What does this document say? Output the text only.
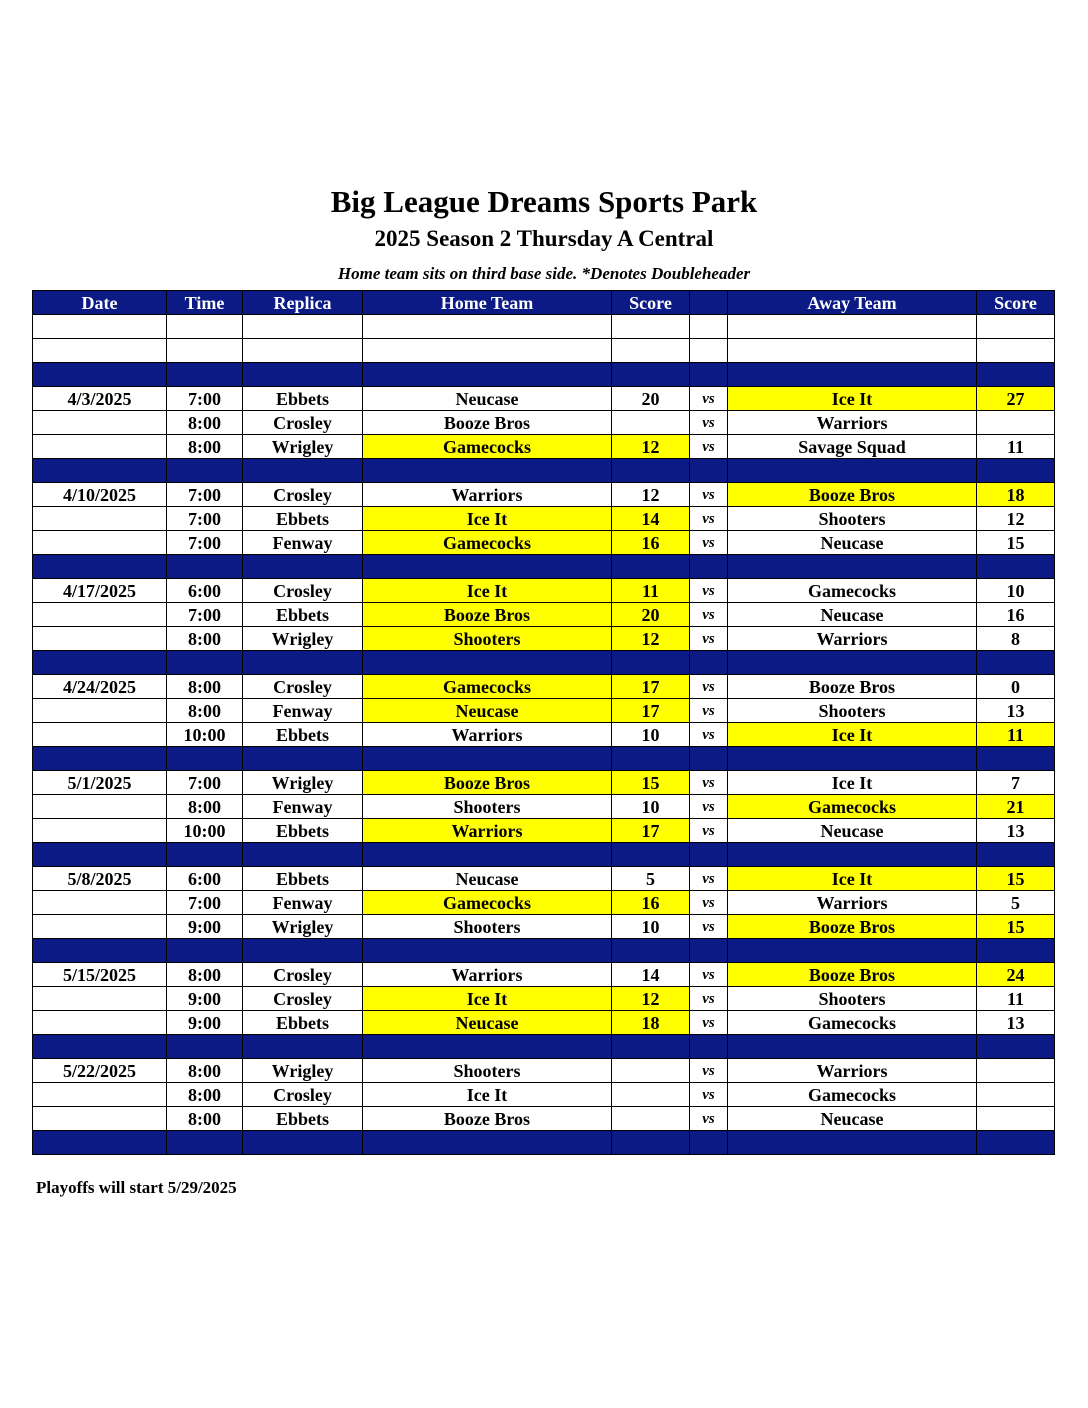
Big League Dreams Sports Park
2025 Season 2 Thursday A Central
Home team sits on third base side. *Denotes Doubleheader
Date	Time	Replica	Home Team	Score		Away Team	Score

4/3/2025	7:00	Ebbets	Neucase	20	vs	Ice It	27
	8:00	Crosley	Booze Bros		vs	Warriors	
	8:00	Wrigley	Gamecocks	12	vs	Savage Squad	11

4/10/2025	7:00	Crosley	Warriors	12	vs	Booze Bros	18
	7:00	Ebbets	Ice It	14	vs	Shooters	12
	7:00	Fenway	Gamecocks	16	vs	Neucase	15

4/17/2025	6:00	Crosley	Ice It	11	vs	Gamecocks	10
	7:00	Ebbets	Booze Bros	20	vs	Neucase	16
	8:00	Wrigley	Shooters	12	vs	Warriors	8

4/24/2025	8:00	Crosley	Gamecocks	17	vs	Booze Bros	0
	8:00	Fenway	Neucase	17	vs	Shooters	13
	10:00	Ebbets	Warriors	10	vs	Ice It	11

5/1/2025	7:00	Wrigley	Booze Bros	15	vs	Ice It	7
	8:00	Fenway	Shooters	10	vs	Gamecocks	21
	10:00	Ebbets	Warriors	17	vs	Neucase	13

5/8/2025	6:00	Ebbets	Neucase	5	vs	Ice It	15
	7:00	Fenway	Gamecocks	16	vs	Warriors	5
	9:00	Wrigley	Shooters	10	vs	Booze Bros	15

5/15/2025	8:00	Crosley	Warriors	14	vs	Booze Bros	24
	9:00	Crosley	Ice It	12	vs	Shooters	11
	9:00	Ebbets	Neucase	18	vs	Gamecocks	13

5/22/2025	8:00	Wrigley	Shooters		vs	Warriors	
	8:00	Crosley	Ice It		vs	Gamecocks	
	8:00	Ebbets	Booze Bros		vs	Neucase	

Playoffs will start 5/29/2025
